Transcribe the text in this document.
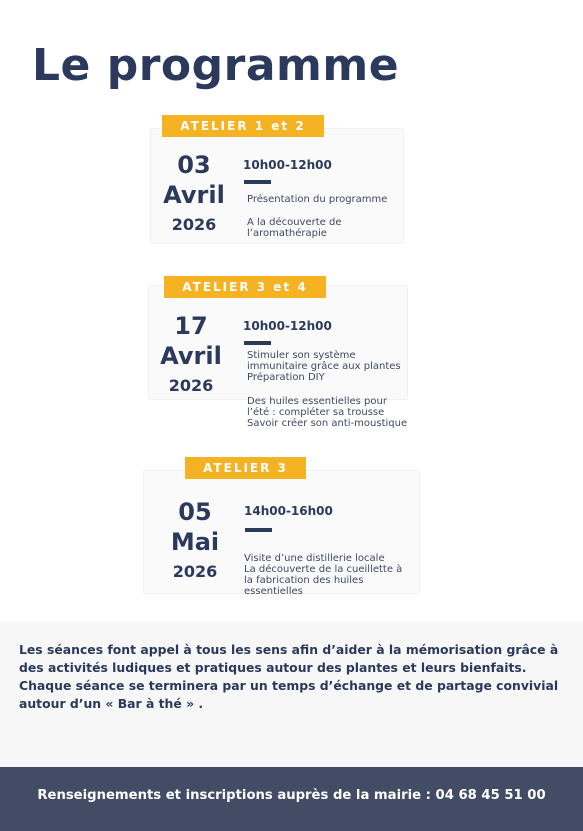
Le programme
ATELIER 1 et 2
03
Avril
2026
10h00-12h00

Présentation du programme

A la découverte de
l’aromathérapie

ATELIER 3 et 4
17
Avril
2026
10h00-12h00

Stimuler son système
immunitaire grâce aux plantes
Préparation DIY

Des huiles essentielles pour
l’été : compléter sa trousse
Savoir créer son anti-moustique

ATELIER 3
05
Mai
2026
14h00-16h00

Visite d’une distillerie locale
La découverte de la cueillette à
la fabrication des huiles
essentielles

Les séances font appel à tous les sens afin d’aider à la mémorisation grâce à des activités ludiques et pratiques autour des plantes et leurs bienfaits. Chaque séance se terminera par un temps d’échange et de partage convivial autour d’un « Bar à thé » .

Renseignements et inscriptions auprès de la mairie : 04 68 45 51 00
